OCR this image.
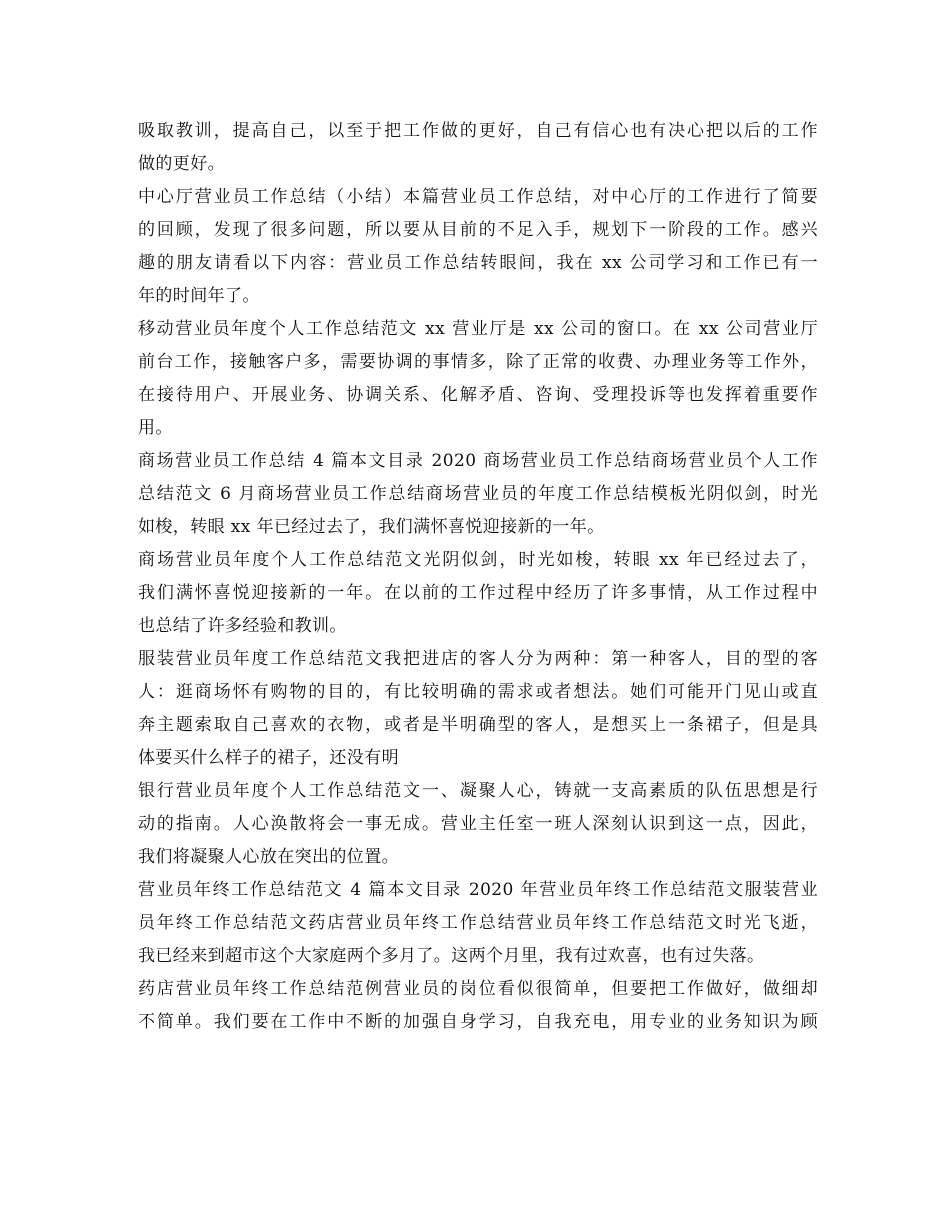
吸取教训，提高自己，以至于把工作做的更好，自己有信心也有决心把以后的工作
做的更好。
中心厅营业员工作总结（小结）本篇营业员工作总结，对中心厅的工作进行了简要
的回顾，发现了很多问题，所以要从目前的不足入手，规划下一阶段的工作。感兴
趣的朋友请看以下内容：营业员工作总结转眼间，我在 xx 公司学习和工作已有一
年的时间年了。
移动营业员年度个人工作总结范文 xx 营业厅是 xx 公司的窗口。在 xx 公司营业厅
前台工作，接触客户多，需要协调的事情多，除了正常的收费、办理业务等工作外，
在接待用户、开展业务、协调关系、化解矛盾、咨询、受理投诉等也发挥着重要作
用。
商场营业员工作总结 4 篇本文目录 2020 商场营业员工作总结商场营业员个人工作
总结范文 6 月商场营业员工作总结商场营业员的年度工作总结模板光阴似剑，时光
如梭，转眼 xx 年已经过去了，我们满怀喜悦迎接新的一年。
商场营业员年度个人工作总结范文光阴似剑，时光如梭，转眼 xx 年已经过去了，
我们满怀喜悦迎接新的一年。在以前的工作过程中经历了许多事情，从工作过程中
也总结了许多经验和教训。
服装营业员年度工作总结范文我把进店的客人分为两种：第一种客人，目的型的客
人：逛商场怀有购物的目的，有比较明确的需求或者想法。她们可能开门见山或直
奔主题索取自己喜欢的衣物，或者是半明确型的客人，是想买上一条裙子，但是具
体要买什么样子的裙子，还没有明
银行营业员年度个人工作总结范文一、凝聚人心，铸就一支高素质的队伍思想是行
动的指南。人心涣散将会一事无成。营业主任室一班人深刻认识到这一点，因此，
我们将凝聚人心放在突出的位置。
营业员年终工作总结范文 4 篇本文目录 2020 年营业员年终工作总结范文服装营业
员年终工作总结范文药店营业员年终工作总结营业员年终工作总结范文时光飞逝，
我已经来到超市这个大家庭两个多月了。这两个月里，我有过欢喜，也有过失落。
药店营业员年终工作总结范例营业员的岗位看似很简单，但要把工作做好，做细却
不简单。我们要在工作中不断的加强自身学习，自我充电，用专业的业务知识为顾
